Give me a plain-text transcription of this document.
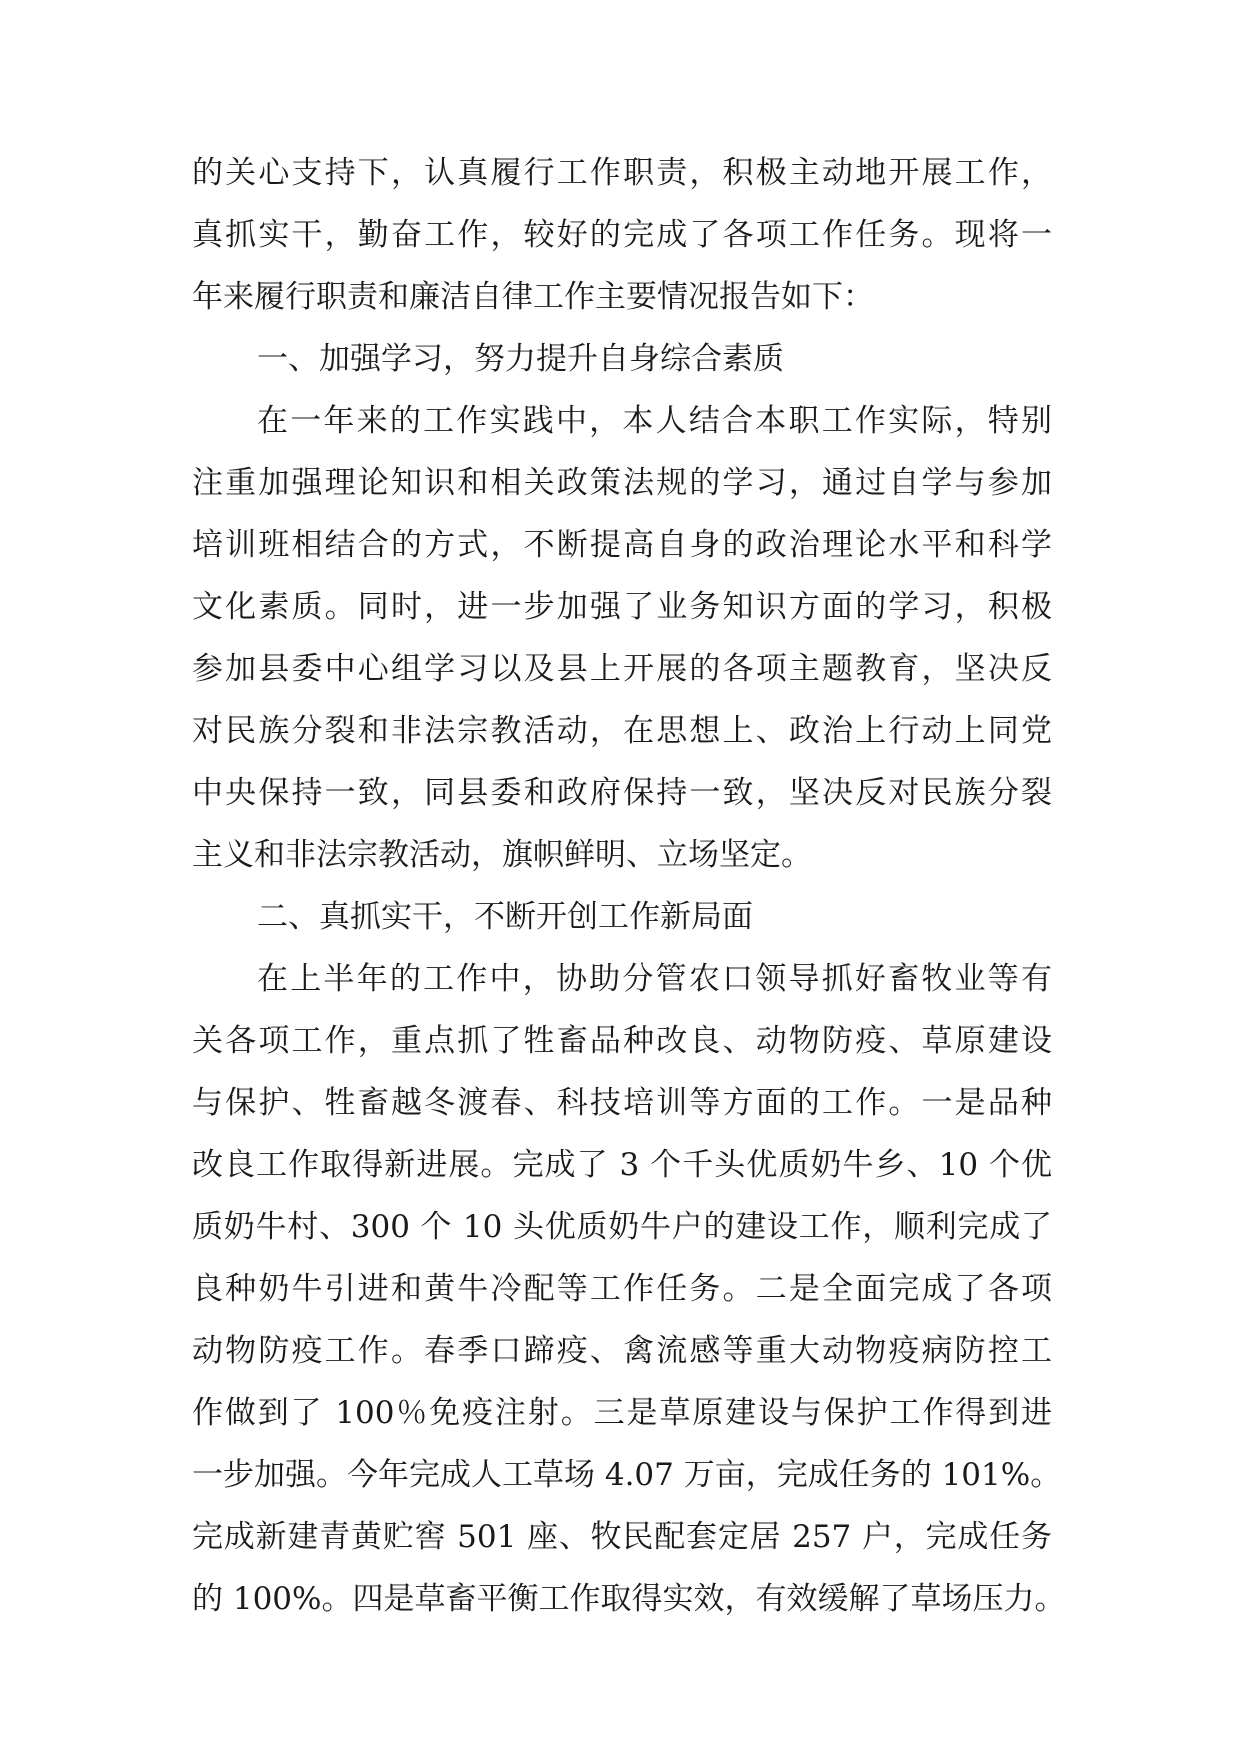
的关心支持下，认真履行工作职责，积极主动地开展工作，
真抓实干，勤奋工作，较好的完成了各项工作任务。现将一
年来履行职责和廉洁自律工作主要情况报告如下：
一、加强学习，努力提升自身综合素质
在一年来的工作实践中，本人结合本职工作实际，特别
注重加强理论知识和相关政策法规的学习，通过自学与参加
培训班相结合的方式，不断提高自身的政治理论水平和科学
文化素质。同时，进一步加强了业务知识方面的学习，积极
参加县委中心组学习以及县上开展的各项主题教育，坚决反
对民族分裂和非法宗教活动，在思想上、政治上行动上同党
中央保持一致，同县委和政府保持一致，坚决反对民族分裂
主义和非法宗教活动，旗帜鲜明、立场坚定。
二、真抓实干，不断开创工作新局面
在上半年的工作中，协助分管农口领导抓好畜牧业等有
关各项工作，重点抓了牲畜品种改良、动物防疫、草原建设
与保护、牲畜越冬渡春、科技培训等方面的工作。一是品种
改良工作取得新进展。完成了 3 个千头优质奶牛乡、10 个优
质奶牛村、300 个 10 头优质奶牛户的建设工作，顺利完成了
良种奶牛引进和黄牛冷配等工作任务。二是全面完成了各项
动物防疫工作。春季口蹄疫、禽流感等重大动物疫病防控工
作做到了 100％免疫注射。三是草原建设与保护工作得到进
一步加强。今年完成人工草场 4.07 万亩，完成任务的 101%。
完成新建青黄贮窖 501 座、牧民配套定居 257 户，完成任务
的 100%。四是草畜平衡工作取得实效，有效缓解了草场压力。
